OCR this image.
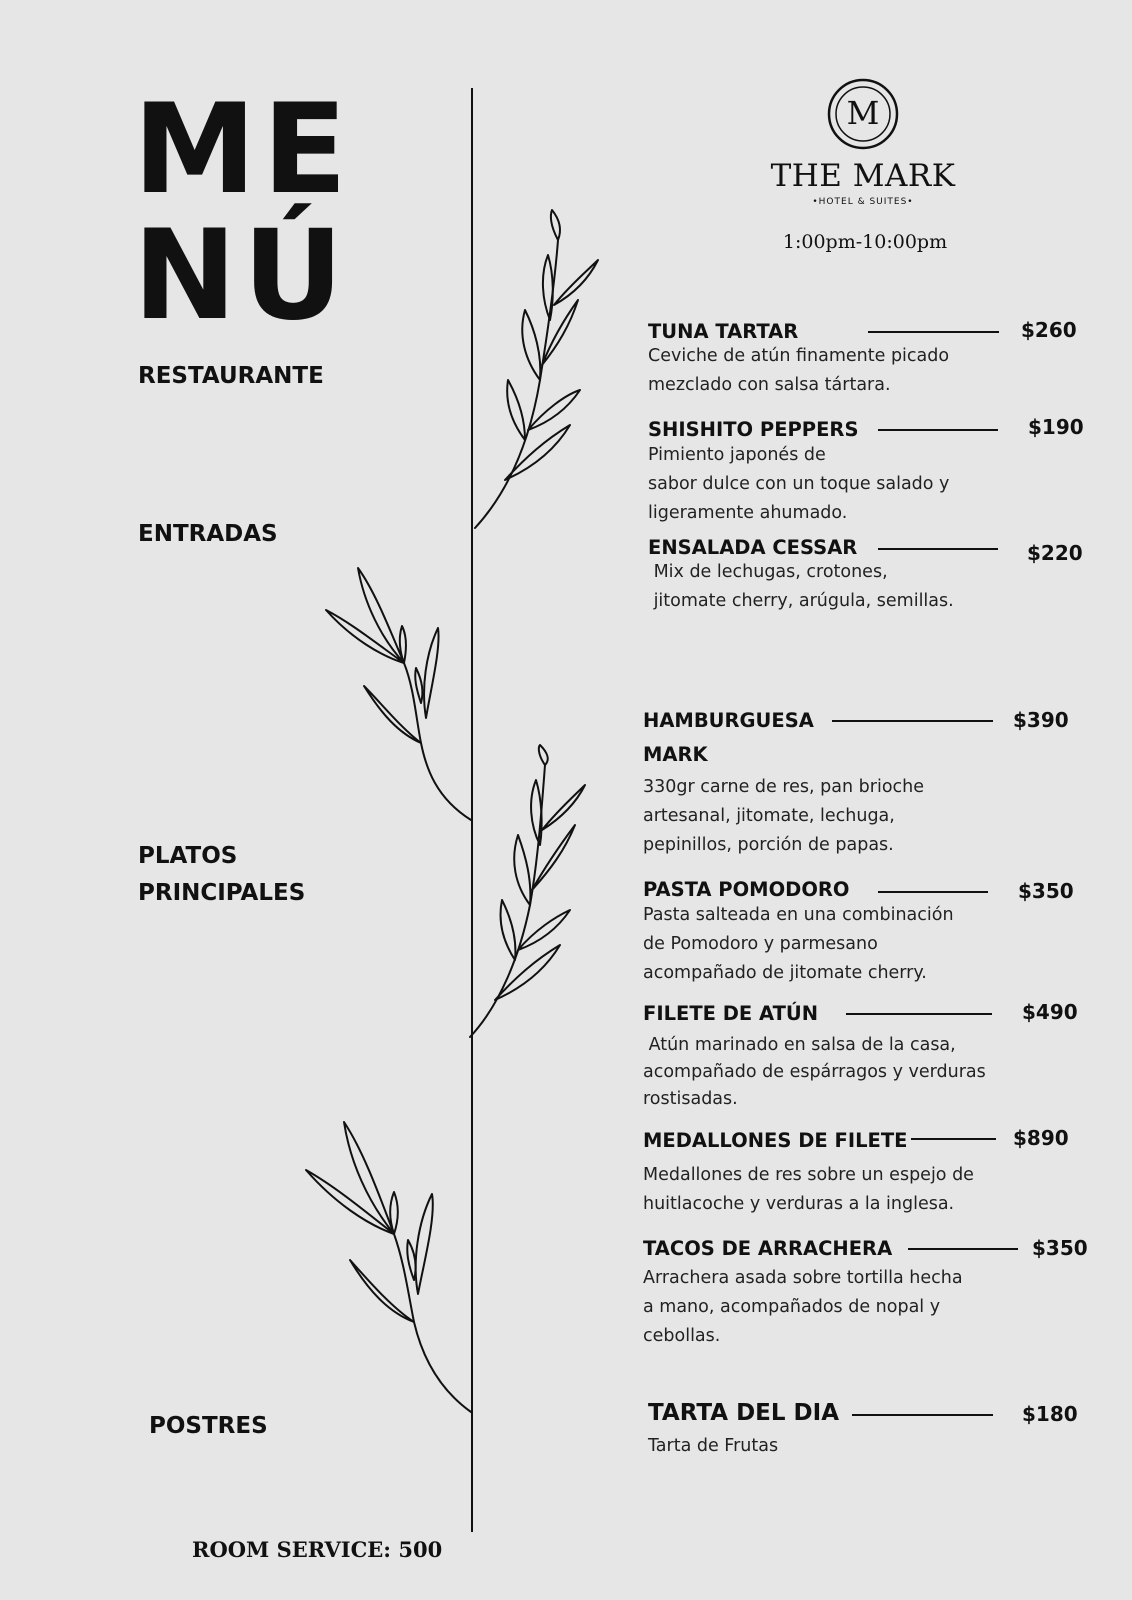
ME
NÚ
RESTAURANTE
ENTRADAS
PLATOS
PRINCIPALES
POSTRES
M
THE MARK
•HOTEL & SUITES•
1:00pm-10:00pm
TUNA TARTAR
Ceviche de atún finamente picado
mezclado con salsa tártara.
$260
SHISHITO PEPPERS
Pimiento japonés de
sabor dulce con un toque salado y
ligeramente ahumado.
$190
ENSALADA CESSAR
Mix de lechugas, crotones,
jitomate cherry, arúgula, semillas.
$220
HAMBURGUESA
MARK
330gr carne de res, pan brioche
artesanal, jitomate, lechuga,
pepinillos, porción de papas.
$390
PASTA POMODORO
Pasta salteada en una combinación
de Pomodoro y parmesano
acompañado de jitomate cherry.
$350
FILETE DE ATÚN
Atún marinado en salsa de la casa,
acompañado de espárragos y verduras
rostisadas.
$490
MEDALLONES DE FILETE
Medallones de res sobre un espejo de
huitlacoche y verduras a la inglesa.
$890
TACOS DE ARRACHERA
Arrachera asada sobre tortilla hecha
a mano, acompañados de nopal y
cebollas.
$350
TARTA DEL DIA
Tarta de Frutas
$180
ROOM SERVICE: 500
